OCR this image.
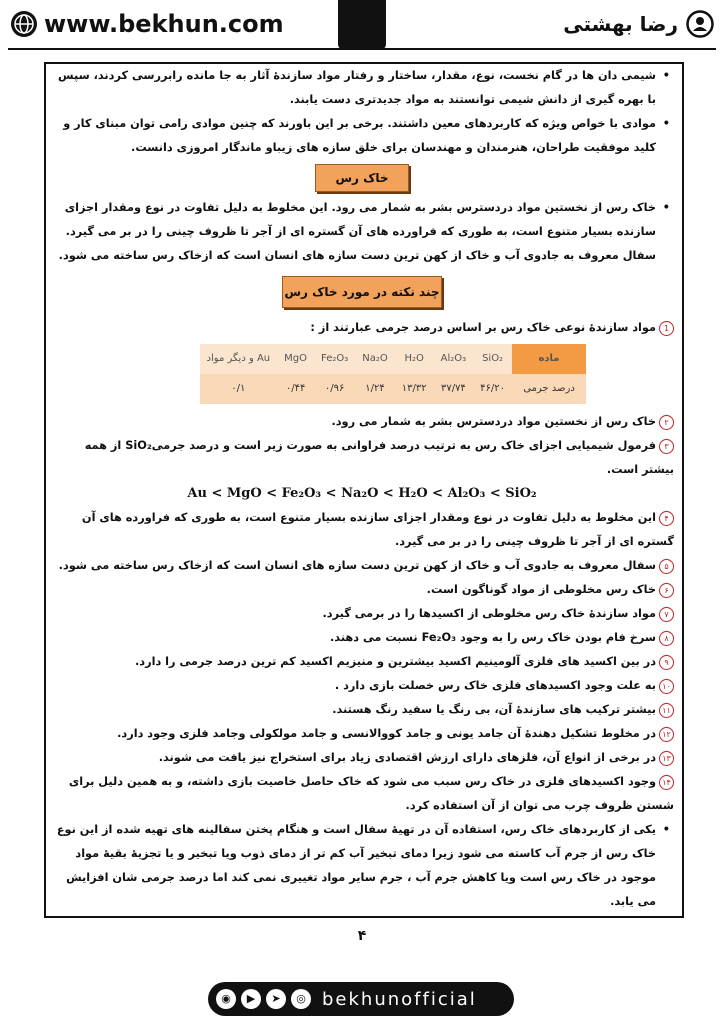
www.bekhun.com	رضا بهشتی
• شیمی دان ها در گام نخست، نوع، مقدار، ساختار و رفتار مواد سازندهٔ آثار به جا مانده رابررسی کردند، سپس با بهره گیری از دانش شیمی توانستند به مواد جدیدتری دست یابند.
• موادی با خواص ویژه که کاربردهای معین داشتند. برخی بر این باورند که چنین موادی رامی توان مبنای کار و کلید موفقیت طراحان، هنرمندان و مهندسان برای خلق سازه های زیباو ماندگار امروزی دانست.
خاک رس
• خاک رس از نخستین مواد دردسترس بشر به شمار می رود. این مخلوط به دلیل تفاوت در نوع ومقدار اجزای سازنده بسیار متنوع است، به طوری که فراورده های آن گستره ای از آجر تا ظروف چینی را در بر می گیرد. سفال معروف به جادوی آب و خاک از کهن ترین دست سازه های انسان است که ازخاک رس ساخته می شود.
چند نکته در مورد خاک رس
1مواد سازندهٔ نوعی خاک رس بر اساس درصد جرمی عبارتند از :
ماده	SiO₂	Al₂O₃	H₂O	Na₂O	Fe₂O₃	MgO	Au و دیگر مواد
درصد جرمی	۴۶/۲۰	۳۷/۷۴	۱۳/۳۲	۱/۲۴	۰/۹۶	۰/۴۴	۰/۱
۲خاک رس از نخستین مواد دردسترس بشر به شمار می رود.
۳فرمول شیمیایی اجزای خاک رس به ترتیب درصد فراوانی به صورت زیر است و درصد جرمیSiO₂ از همه بیشتر است.
Au < MgO < Fe₂O₃ < Na₂O < H₂O < Al₂O₃ < SiO₂
۴این مخلوط به دلیل تفاوت در نوع ومقدار اجزای سازنده بسیار متنوع است، به طوری که فراورده های آن گستره ای از آجر تا ظروف چینی را در بر می گیرد.
۵سفال معروف به جادوی آب و خاک از کهن ترین دست سازه های انسان است که ازخاک رس ساخته می شود.
۶خاک رس مخلوطی از مواد گوناگون است.
۷مواد سازندهٔ خاک رس مخلوطی از اکسیدها را در برمی گیرد.
۸سرخ فام بودن خاک رس را به وجود Fe₂O₃ نسبت می دهند.
۹در بین اکسید های فلزی آلومینیم اکسید بیشترین و منیزیم اکسید کم ترین درصد جرمی را دارد.
۱۰به علت وجود اکسیدهای فلزی خاک رس خصلت بازی دارد .
۱۱بیشتر ترکیب های سازندهٔ آن، بی رنگ یا سفید رنگ هستند.
۱۲در مخلوط تشکیل دهندهٔ آن جامد یونی و جامد کووالانسی و جامد مولکولی وجامد فلزی وجود دارد.
۱۳در برخی از انواع آن، فلزهای دارای ارزش اقتصادی زیاد برای استخراج نیز یافت می شوند.
۱۴وجود اکسیدهای فلزی در خاک رس سبب می شود که خاک حاصل خاصیت بازی داشته، و به همین دلیل برای شستن ظروف چرب می توان از آن استفاده کرد.
• یکی از کاربردهای خاک رس، استفاده آن در تهیهٔ سفال است و هنگام پختن سفالینه های تهیه شده از این نوع خاک رس از جرم آب کاسته می شود زیرا دمای تبخیر آب کم تر از دمای ذوب ویا تبخیر و یا تجزیهٔ بقیهٔ مواد موجود در خاک رس است ویا کاهش جرم آب ، جرم سایر مواد تغییری نمی کند اما درصد جرمی شان افزایش می یابد.
۴
◉	▶	➤	◎ bekhunofficial
